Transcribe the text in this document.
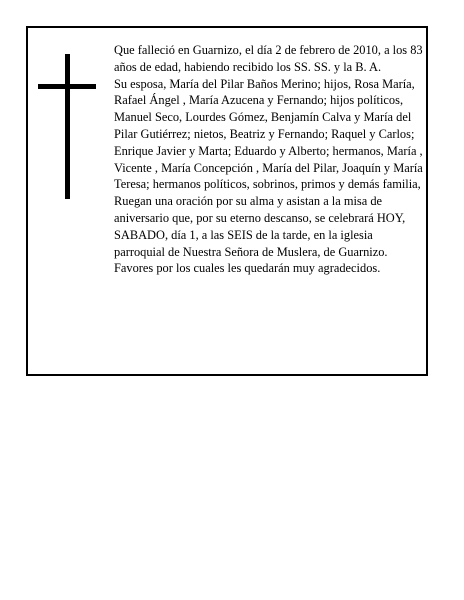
Que falleció en Guarnizo, el día 2 de febrero de 2010, a los 83 años de edad, habiendo recibido los SS. SS. y la B. A.

Su esposa, María del Pilar Baños Merino; hijos, Rosa María, Rafael Ángel , María Azucena y Fernando; hijos políticos, Manuel Seco, Lourdes Gómez, Benjamín Calva y María del Pilar Gutiérrez; nietos, Beatriz y Fernando; Raquel y Carlos; Enrique Javier y Marta; Eduardo y Alberto; hermanos, María , Vicente , María Concepción , María del Pilar, Joaquín y María Teresa; hermanos políticos, sobrinos, primos y demás familia, Ruegan una oración por su alma y asistan a la misa de aniversario que, por su eterno descanso, se celebrará HOY, SABADO, día 1, a las SEIS de la tarde, en la iglesia parroquial de Nuestra Señora de Muslera, de Guarnizo. Favores por los cuales les quedarán muy agradecidos.
